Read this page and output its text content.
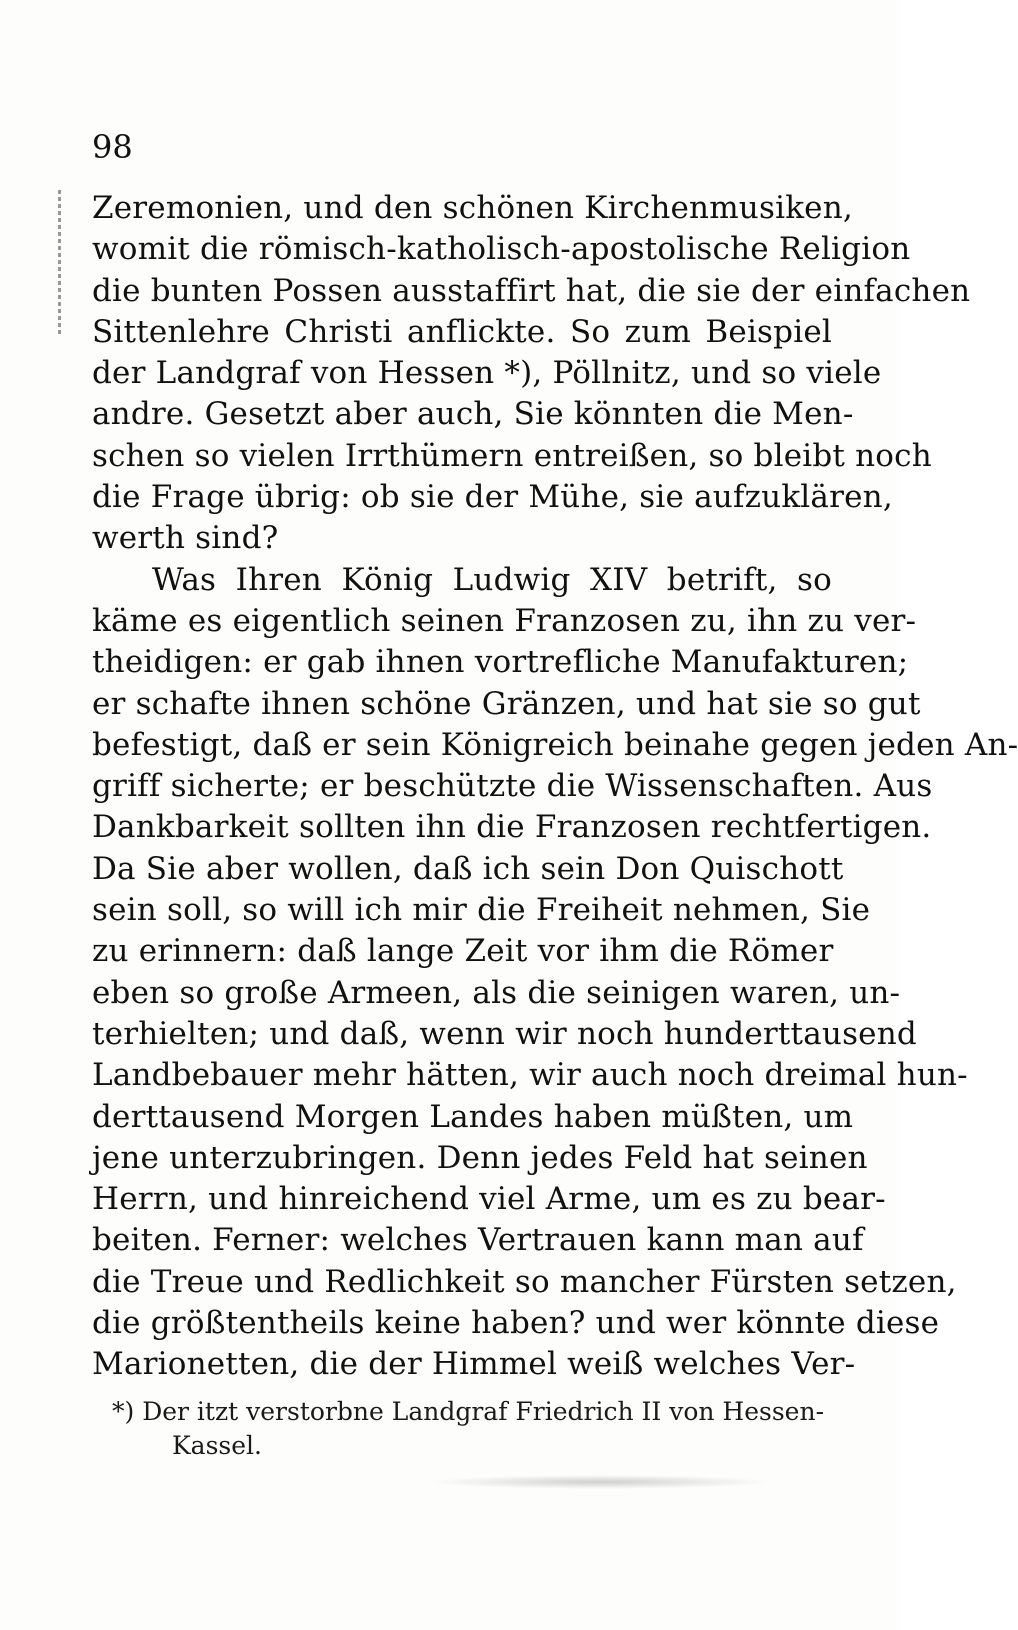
98
Zeremonien, und den schönen Kirchenmusiken,
womit die römisch-katholisch-apostolische Religion
die bunten Possen ausstaffirt hat, die sie der einfachen
Sittenlehre Christi anflickte. So zum Beispiel
der Landgraf von Hessen *), Pöllnitz, und so viele
andre. Gesetzt aber auch, Sie könnten die Men-
schen so vielen Irrthümern entreißen, so bleibt noch
die Frage übrig: ob sie der Mühe, sie aufzuklären,
werth sind?
Was Ihren König Ludwig XIV betrift, so
käme es eigentlich seinen Franzosen zu, ihn zu ver-
theidigen: er gab ihnen vortrefliche Manufakturen;
er schafte ihnen schöne Gränzen, und hat sie so gut
befestigt, daß er sein Königreich beinahe gegen jeden An-
griff sicherte; er beschützte die Wissenschaften. Aus
Dankbarkeit sollten ihn die Franzosen rechtfertigen.
Da Sie aber wollen, daß ich sein Don Quischott
sein soll, so will ich mir die Freiheit nehmen, Sie
zu erinnern: daß lange Zeit vor ihm die Römer
eben so große Armeen, als die seinigen waren, un-
terhielten; und daß, wenn wir noch hunderttausend
Landbebauer mehr hätten, wir auch noch dreimal hun-
derttausend Morgen Landes haben müßten, um
jene unterzubringen. Denn jedes Feld hat seinen
Herrn, und hinreichend viel Arme, um es zu bear-
beiten. Ferner: welches Vertrauen kann man auf
die Treue und Redlichkeit so mancher Fürsten setzen,
die größtentheils keine haben? und wer könnte diese
Marionetten, die der Himmel weiß welches Ver-
*) Der itzt verstorbne Landgraf Friedrich II von Hessen-
Kassel.
